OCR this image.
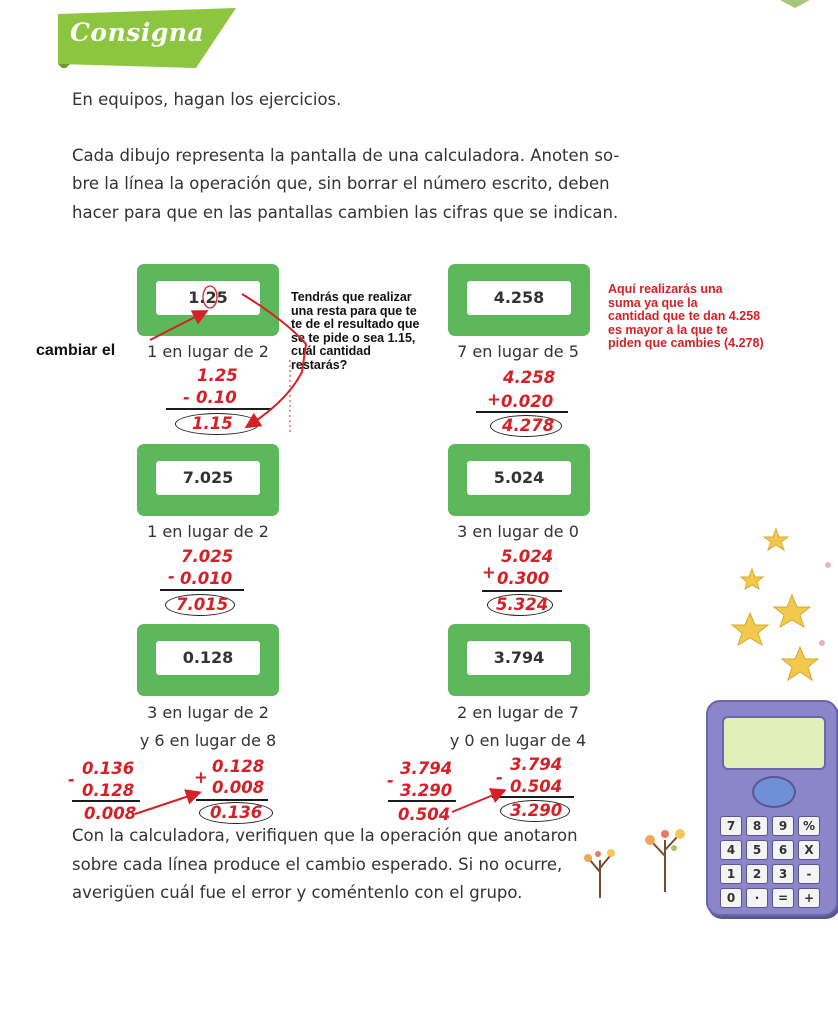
Consigna
En equipos, hagan los ejercicios.
Cada dibujo representa la pantalla de una calculadora. Anoten so-
bre la línea la operación que, sin borrar el número escrito, deben
hacer para que en las pantallas cambien las cifras que se indican.
1.25	4.258
7.025	5.024
0.128	3.794
1 en lugar de 2	7 en lugar de 5
1 en lugar de 2	3 en lugar de 0
3 en lugar de 2
y 6 en lugar de 8
2 en lugar de 7
y 0 en lugar de 4
cambiar el
1.25
- 0.10
1.15
4.258
+ 0.020
4.278
7.025
- 0.010
7.015
5.024
+ 0.300
5.324
0.136
-
0.128
0.008
0.128
+
0.008
0.136
3.794
-
3.290
0.504
3.794
- 0.504
3.290
Tendrás que realizar
una resta para que te
te de el resultado que
se te pide o sea 1.15,
cuál cantidad
restarás?
Aquí realizarás una
suma ya que la
cantidad que te dan 4.258
es mayor a la que te
piden que cambies (4.278)
Con la calculadora, verifiquen que la operación que anotaron
sobre cada línea produce el cambio esperado. Si no ocurre,
averigüen cuál fue el error y coméntenlo con el grupo.
7	8	9	%
4	5	6	X
1	2	3	-
0	·	=	+
